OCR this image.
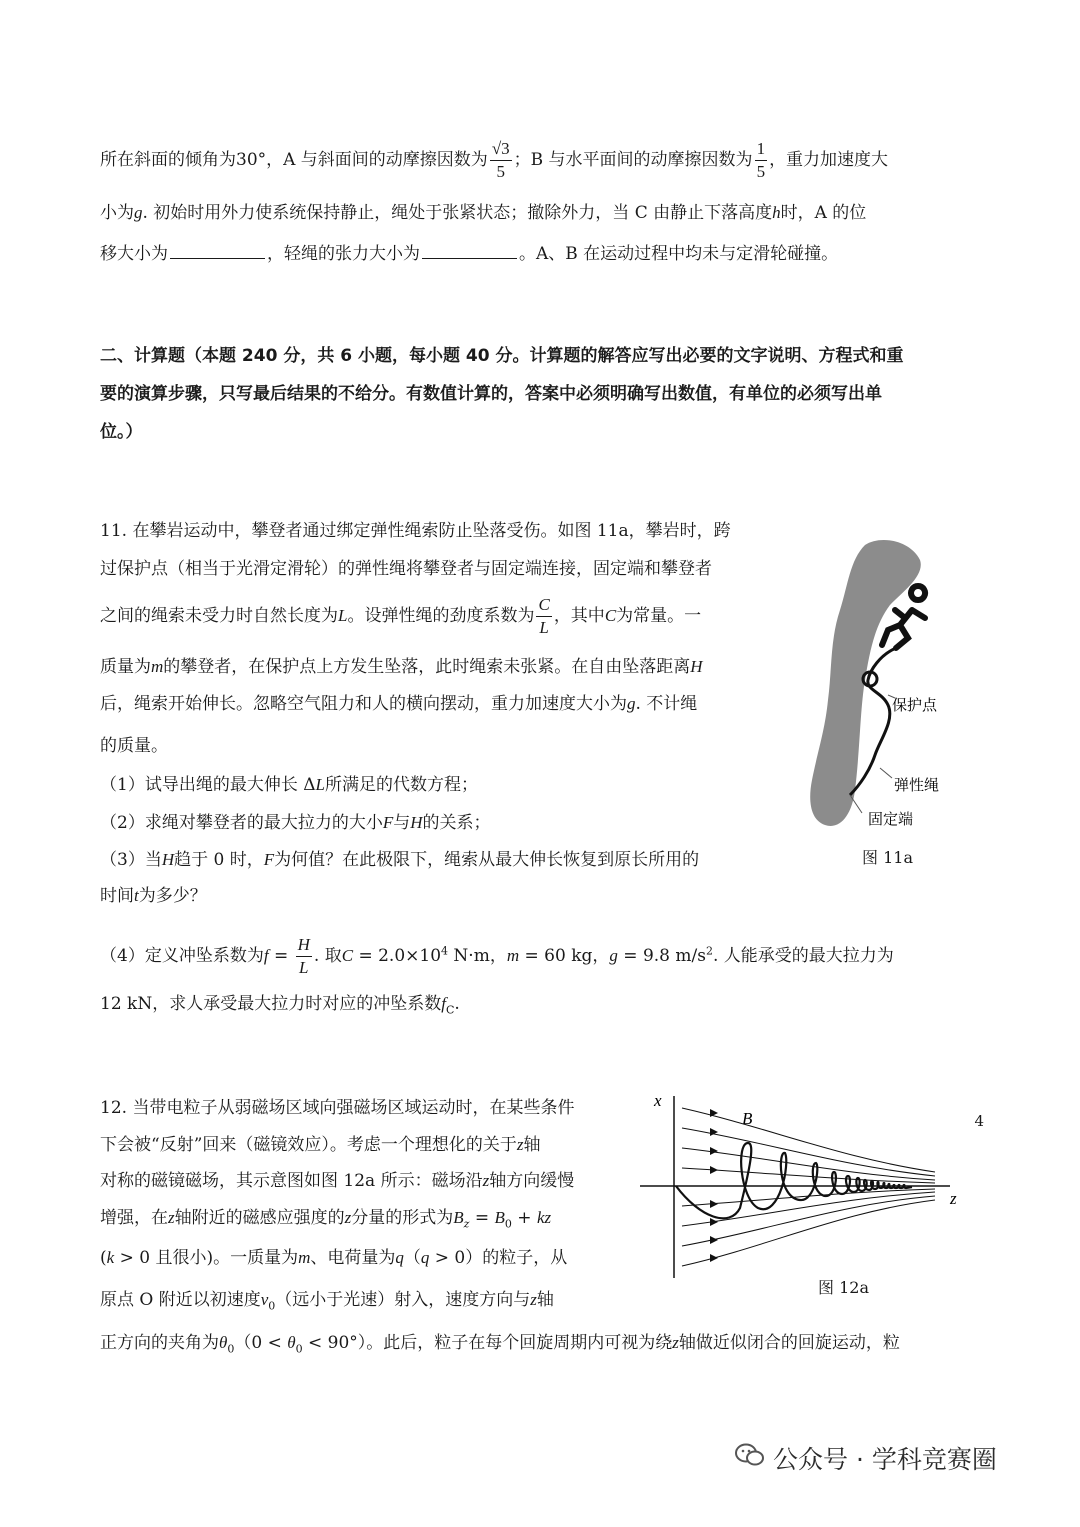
所在斜面的倾角为30°，A 与斜面间的动摩擦因数为 $\frac{√3}{5}$ ；B 与水平面间的动摩擦因数为 $\frac{1}{5}$ ，重力加速度大
小为g. 初始时用外力使系统保持静止，绳处于张紧状态；撤除外力，当 C 由静止下落高度h时，A 的位
移大小为	，轻绳的张力大小为	。A、B 在运动过程中均未与定滑轮碰撞。
二、计算题（本题 240 分，共 6 小题，每小题 40 分。计算题的解答应写出必要的文字说明、方程式和重
要的演算步骤，只写最后结果的不给分。有数值计算的，答案中必须明确写出数值，有单位的必须写出单
位。）
11. 在攀岩运动中，攀登者通过绑定弹性绳索防止坠落受伤。如图 11a，攀岩时，跨
过保护点（相当于光滑定滑轮）的弹性绳将攀登者与固定端连接，固定端和攀登者
之间的绳索未受力时自然长度为L。设弹性绳的劲度系数为 $\frac{C}{L}$ ，其中C为常量。一
质量为m的攀登者，在保护点上方发生坠落，此时绳索未张紧。在自由坠落距离H
后，绳索开始伸长。忽略空气阻力和人的横向摆动，重力加速度大小为g. 不计绳
的质量。
（1）试导出绳的最大伸长 ΔL所满足的代数方程；
（2）求绳对攀登者的最大拉力的大小F与H的关系；
（3）当H趋于 0 时，F为何值？在此极限下，绳索从最大伸长恢复到原长所用的
时间t为多少？
（4）定义冲坠系数为$f = \frac{H}{L}$ . 取$C = 2.0\times 10^4$ N·m，m = 60 kg，g = 9.8 $m/s^2$. 人能承受的最大拉力为
12 kN，求人承受最大拉力时对应的冲坠系数$f_C$.
保护点
弹性绳
固定端
图 11a
12. 当带电粒子从弱磁场区域向强磁场区域运动时，在某些条件
下会被“反射”回来（磁镜效应）。考虑一个理想化的关于z轴
对称的磁镜磁场，其示意图如图 12a 所示：磁场沿z轴方向缓慢
增强，在z轴附近的磁感应强度的z分量的形式为$B_z = B_0$ + kz
(k > 0 且很小)。一质量为m、电荷量为q（q > 0）的粒子，从
原点 O 附近以初速度$v_0$（远小于光速）射入，速度方向与z轴
正方向的夹角为$\theta_0(0 < \theta_0 < 90^\circ)$。此后，粒子在每个回旋周期内可视为绕z轴做近似闭合的回旋运动，粒
x
z
B
图 12a
4
公众号 · 学科竞赛圈
